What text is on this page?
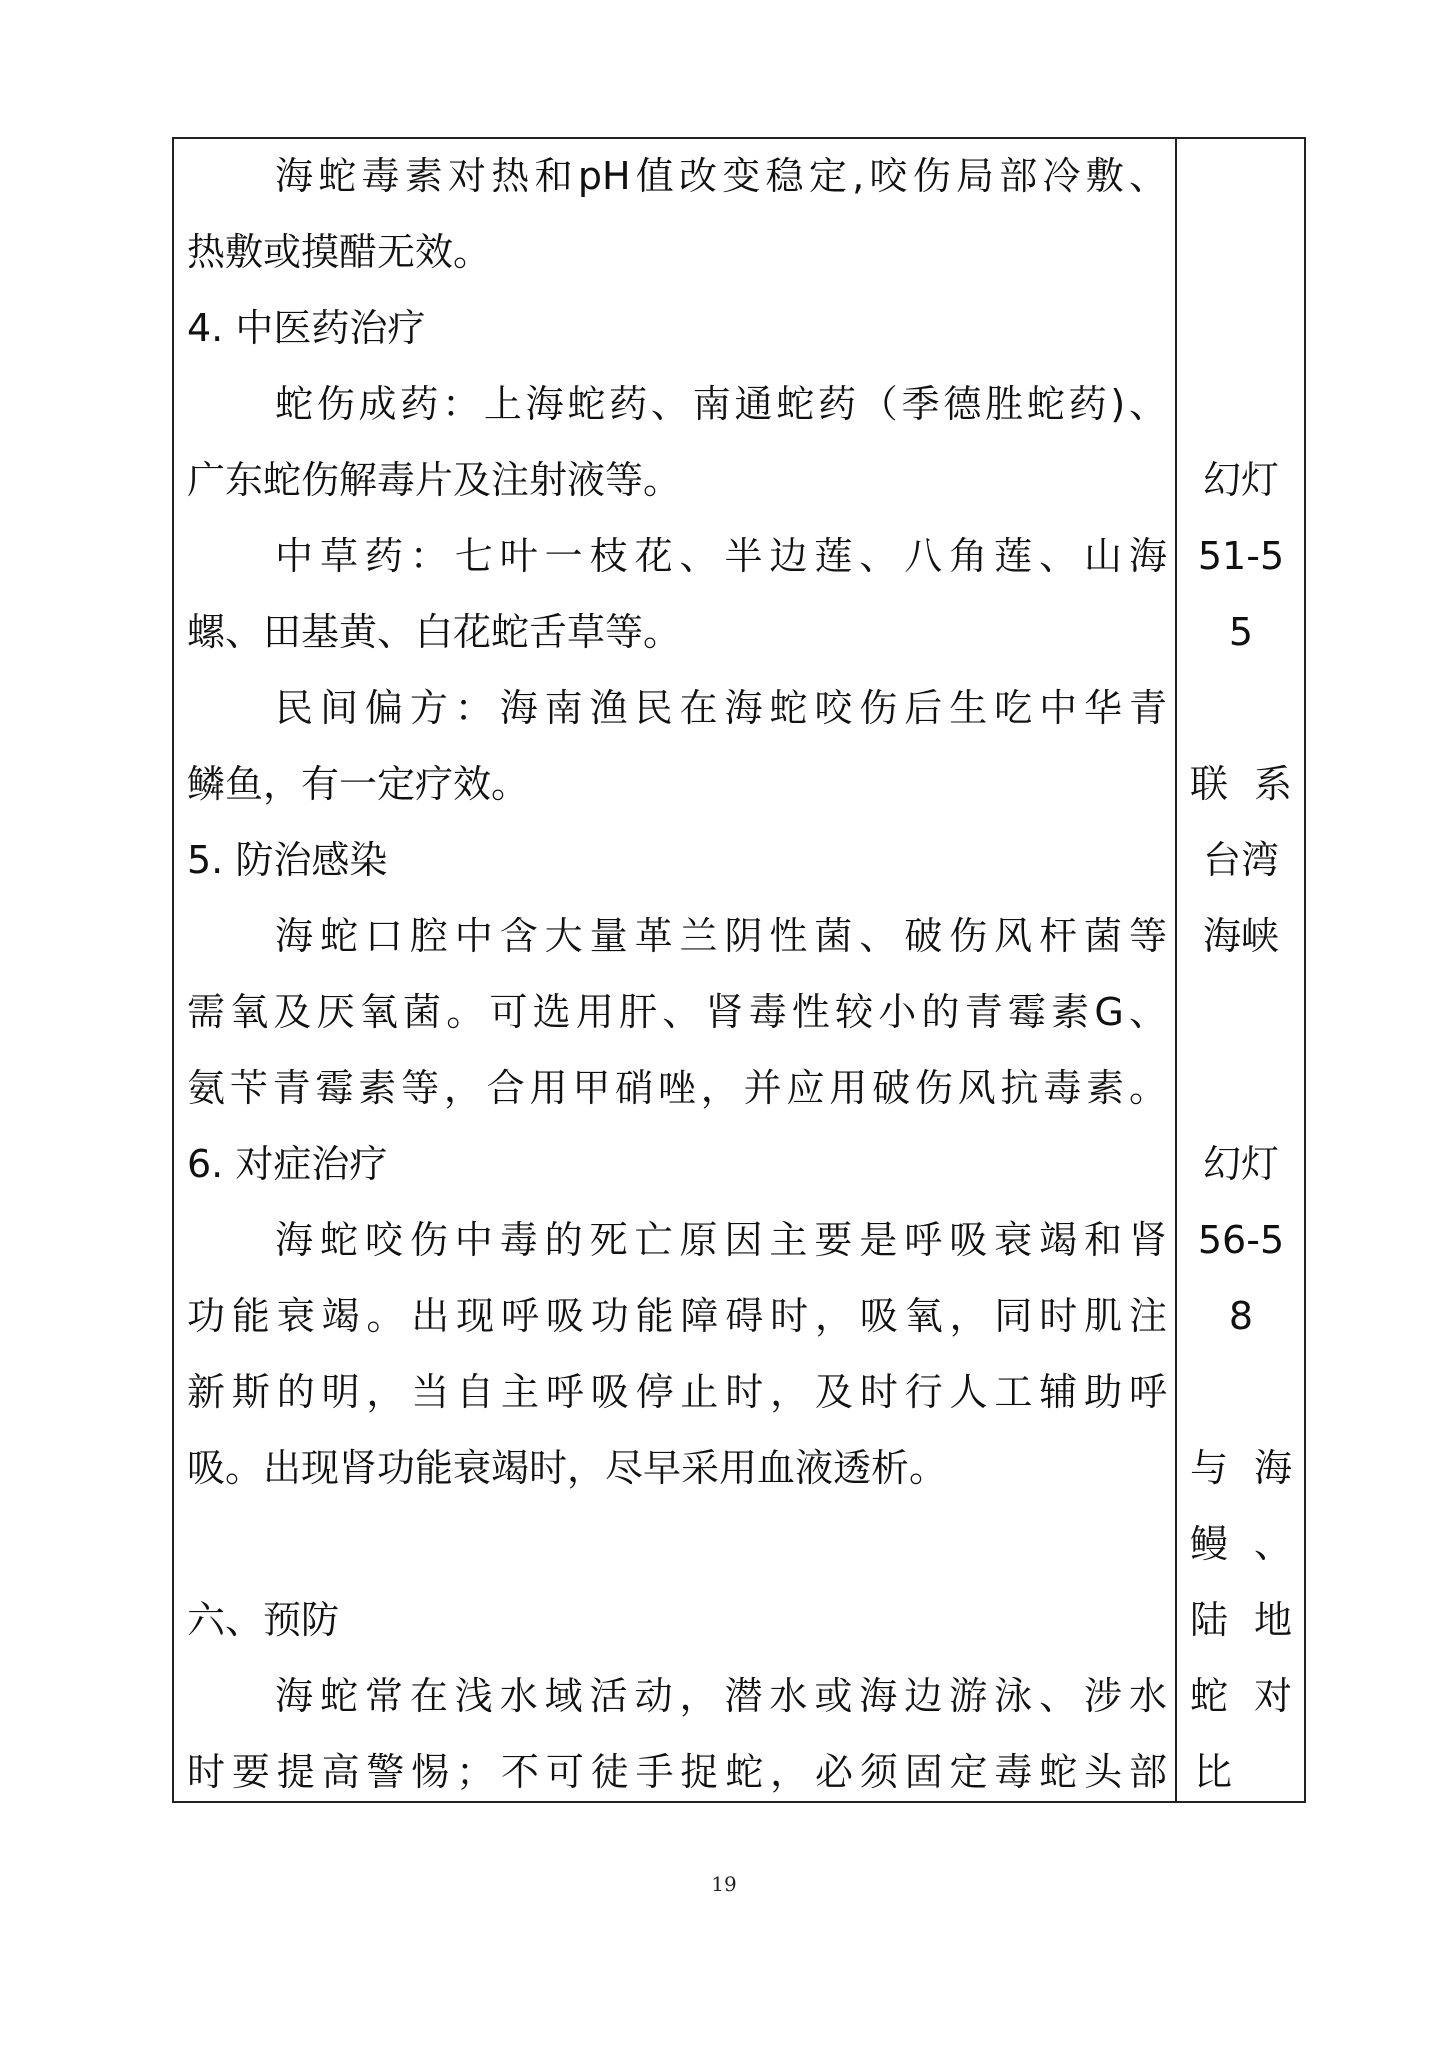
海蛇毒素对热和pH值改变稳定,咬伤局部冷敷、
热敷或摸醋无效。
4. 中医药治疗
蛇伤成药：上海蛇药、南通蛇药（季德胜蛇药)、
广东蛇伤解毒片及注射液等。
中草药：七叶一枝花、半边莲、八角莲、山海
螺、田基黄、白花蛇舌草等。
民间偏方：海南渔民在海蛇咬伤后生吃中华青
鳞鱼，有一定疗效。
5. 防治感染
海蛇口腔中含大量革兰阴性菌、破伤风杆菌等
需氧及厌氧菌。可选用肝、肾毒性较小的青霉素G、
氨苄青霉素等，合用甲硝唑，并应用破伤风抗毒素。
6. 对症治疗
海蛇咬伤中毒的死亡原因主要是呼吸衰竭和肾
功能衰竭。出现呼吸功能障碍时，吸氧，同时肌注
新斯的明，当自主呼吸停止时，及时行人工辅助呼
吸。出现肾功能衰竭时，尽早采用血液透析。
六、预防
海蛇常在浅水域活动，潜水或海边游泳、涉水
时要提高警惕；不可徒手捉蛇，必须固定毒蛇头部
幻灯
51-5
5
联 系
台湾
海峡
幻灯
56-5
8
与 海
鳗 、
陆 地
蛇 对
比
19
